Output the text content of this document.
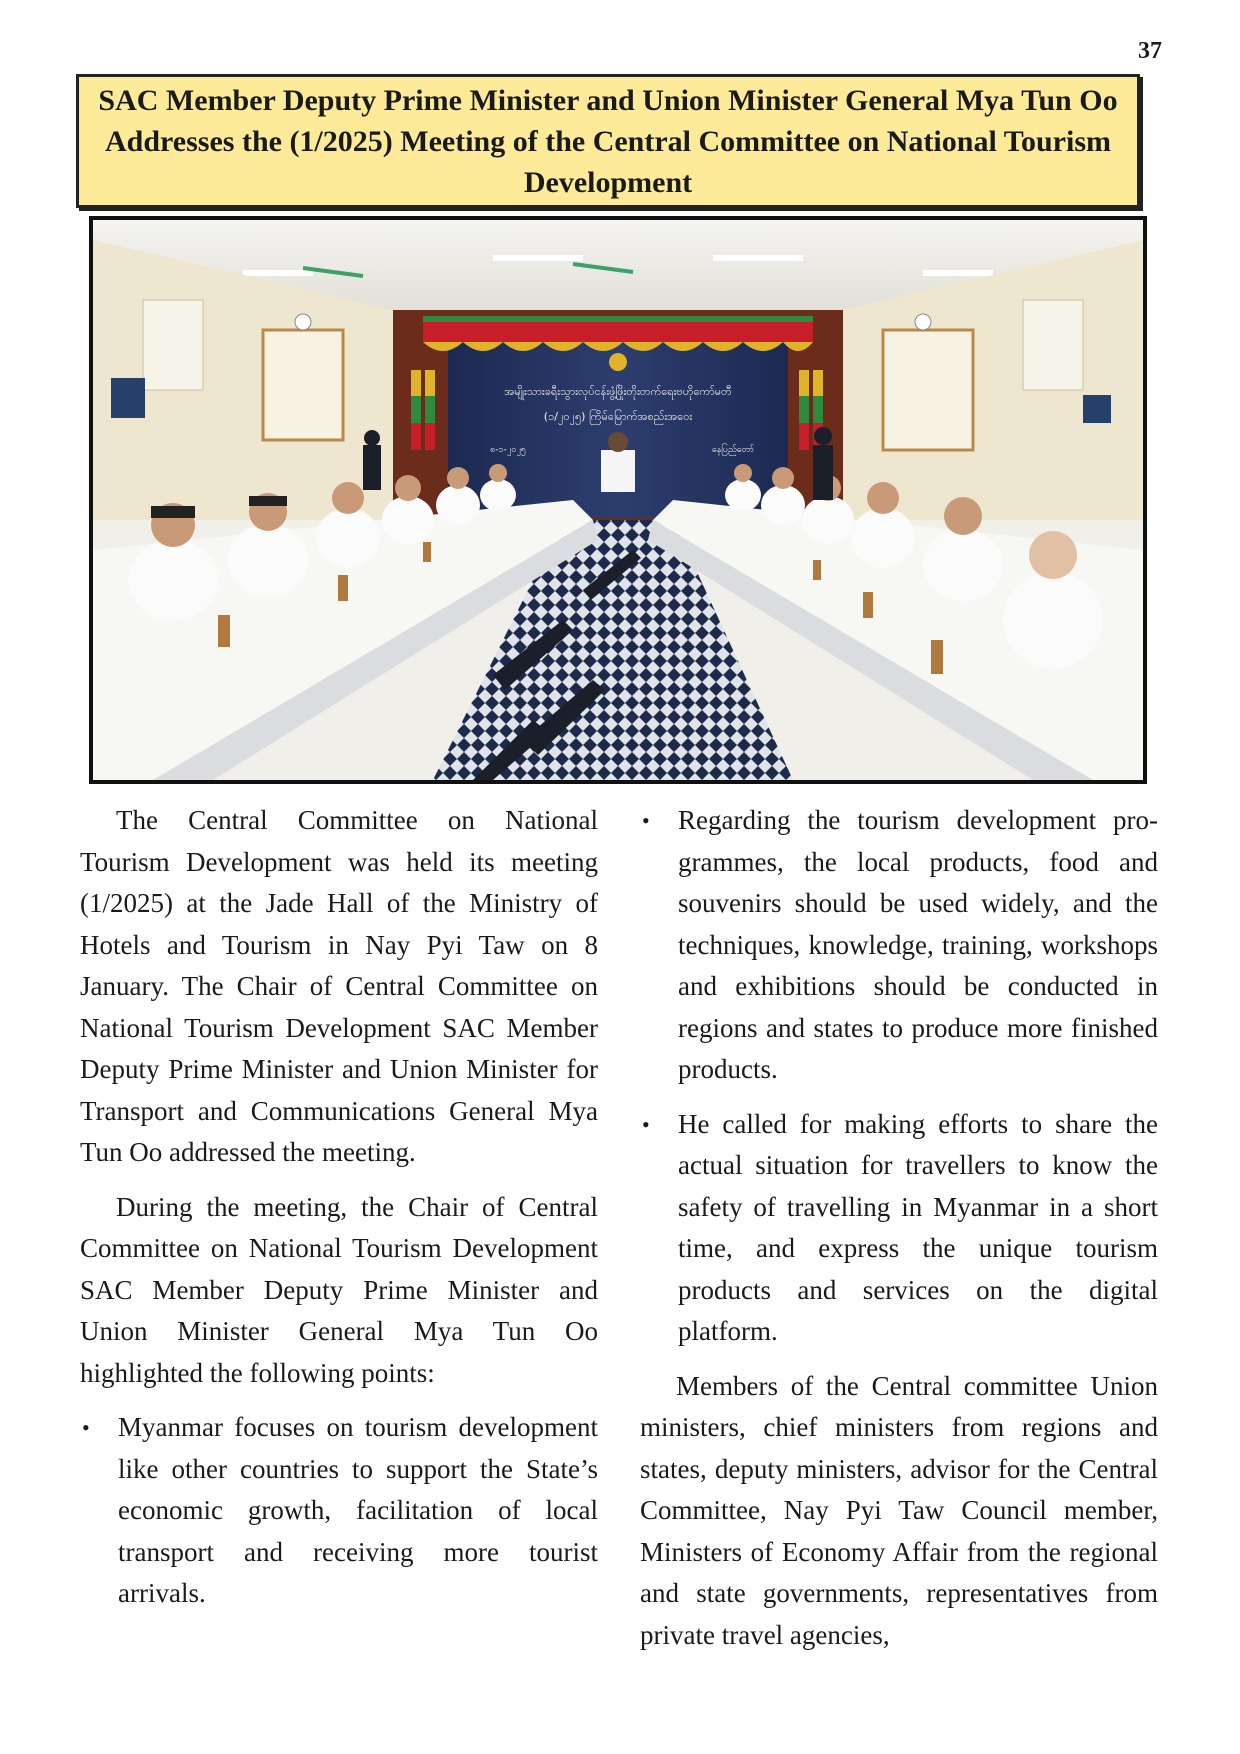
37
SAC Member Deputy Prime Minister and Union Minister General Mya Tun Oo Addresses the (1/2025) Meeting of the Central Committee on National Tourism Development
အမျိုးသားခရီးသွားလုပ်ငန်းဖွံ့ဖြိုးတိုးတက်ရေးဗဟိုကော်မတီ
(၁/၂၀၂၅) ကြိမ်မြောက်အစည်းအဝေး
၈-၁-၂၀၂၅	နေပြည်တော်

The Central Committee on National Tourism Development was held its meeting (1/2025) at the Jade Hall of the Ministry of Hotels and Tourism in Nay Pyi Taw on 8 January. The Chair of Central Committee on National Tourism Development SAC Member Deputy Prime Minister and Union Minister for Transport and Communications General Mya Tun Oo addressed the meeting.

During the meeting, the Chair of Central Committee on National Tourism Development SAC Member Deputy Prime Minister and Union Minister General Mya Tun Oo highlighted the following points:

• Myanmar focuses on tourism development like other countries to support the State’s economic growth, facilitation of local transport and receiving more tourist arrivals.
• Regarding the tourism development programmes, the local products, food and souvenirs should be used widely, and the techniques, knowledge, training, workshops and exhibitions should be conducted in regions and states to produce more finished products.
• He called for making efforts to share the actual situation for travellers to know the safety of travelling in Myanmar in a short time, and express the unique tourism products and services on the digital platform.

Members of the Central committee Union ministers, chief ministers from regions and states, deputy ministers, advisor for the Central Committee, Nay Pyi Taw Council member, Ministers of Economy Affair from the regional and state governments, representatives from private travel agencies,
